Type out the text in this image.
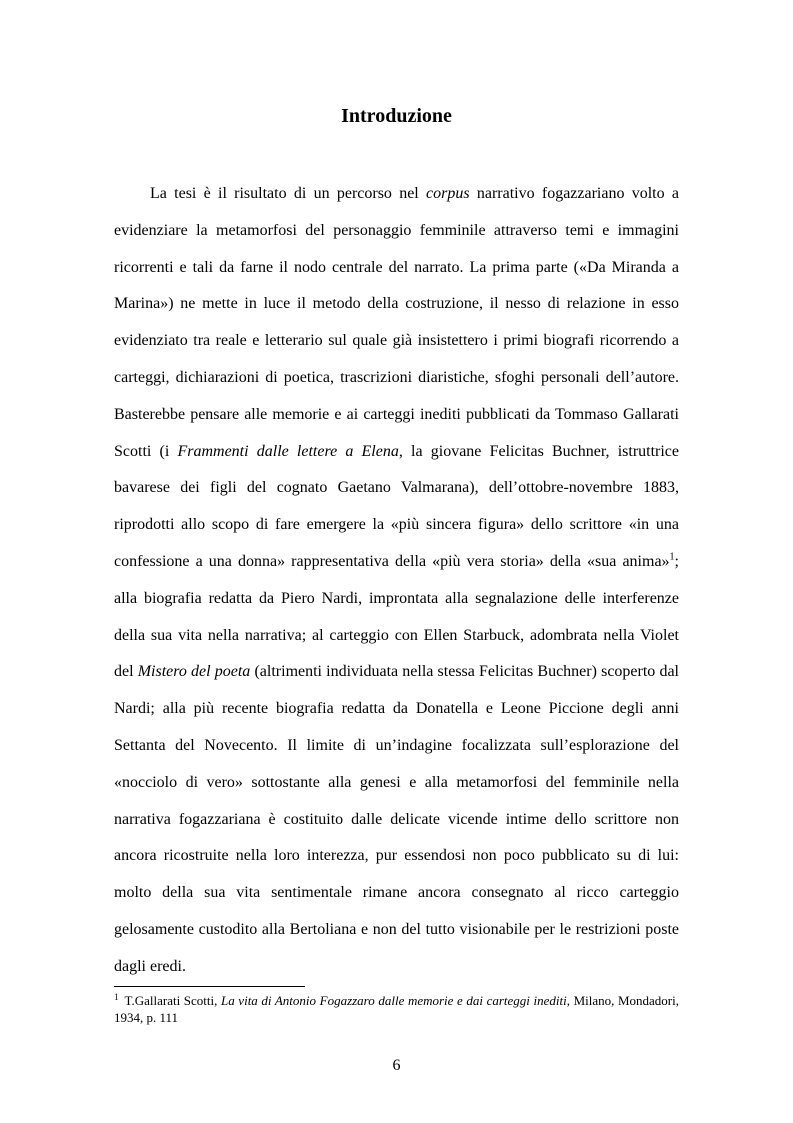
Introduzione

La tesi è il risultato di un percorso nel corpus narrativo fogazzariano volto a evidenziare la metamorfosi del personaggio femminile attraverso temi e immagini ricorrenti e tali da farne il nodo centrale del narrato. La prima parte («Da Miranda a Marina») ne mette in luce il metodo della costruzione, il nesso di relazione in esso evidenziato tra reale e letterario sul quale già insistettero i primi biografi ricorrendo a carteggi, dichiarazioni di poetica, trascrizioni diaristiche, sfoghi personali dell’autore. Basterebbe pensare alle memorie e ai carteggi inediti pubblicati da Tommaso Gallarati Scotti (i Frammenti dalle lettere a Elena, la giovane Felicitas Buchner, istruttrice bavarese dei figli del cognato Gaetano Valmarana), dell’ottobre-novembre 1883, riprodotti allo scopo di fare emergere la «più sincera figura» dello scrittore «in una confessione a una donna» rappresentativa della «più vera storia» della «sua anima»$^1$; alla biografia redatta da Piero Nardi, improntata alla segnalazione delle interferenze della sua vita nella narrativa; al carteggio con Ellen Starbuck, adombrata nella Violet del Mistero del poeta (altrimenti individuata nella stessa Felicitas Buchner) scoperto dal Nardi; alla più recente biografia redatta da Donatella e Leone Piccione degli anni Settanta del Novecento. Il limite di un’indagine focalizzata sull’esplorazione del «nocciolo di vero» sottostante alla genesi e alla metamorfosi del femminile nella narrativa fogazzariana è costituito dalle delicate vicende intime dello scrittore non ancora ricostruite nella loro interezza, pur essendosi non poco pubblicato su di lui: molto della sua vita sentimentale rimane ancora consegnato al ricco carteggio gelosamente custodito alla Bertoliana e non del tutto visionabile per le restrizioni poste dagli eredi.

$^1$ T.Gallarati Scotti, La vita di Antonio Fogazzaro dalle memorie e dai carteggi inediti, Milano, Mondadori, 1934, p. 111

6
